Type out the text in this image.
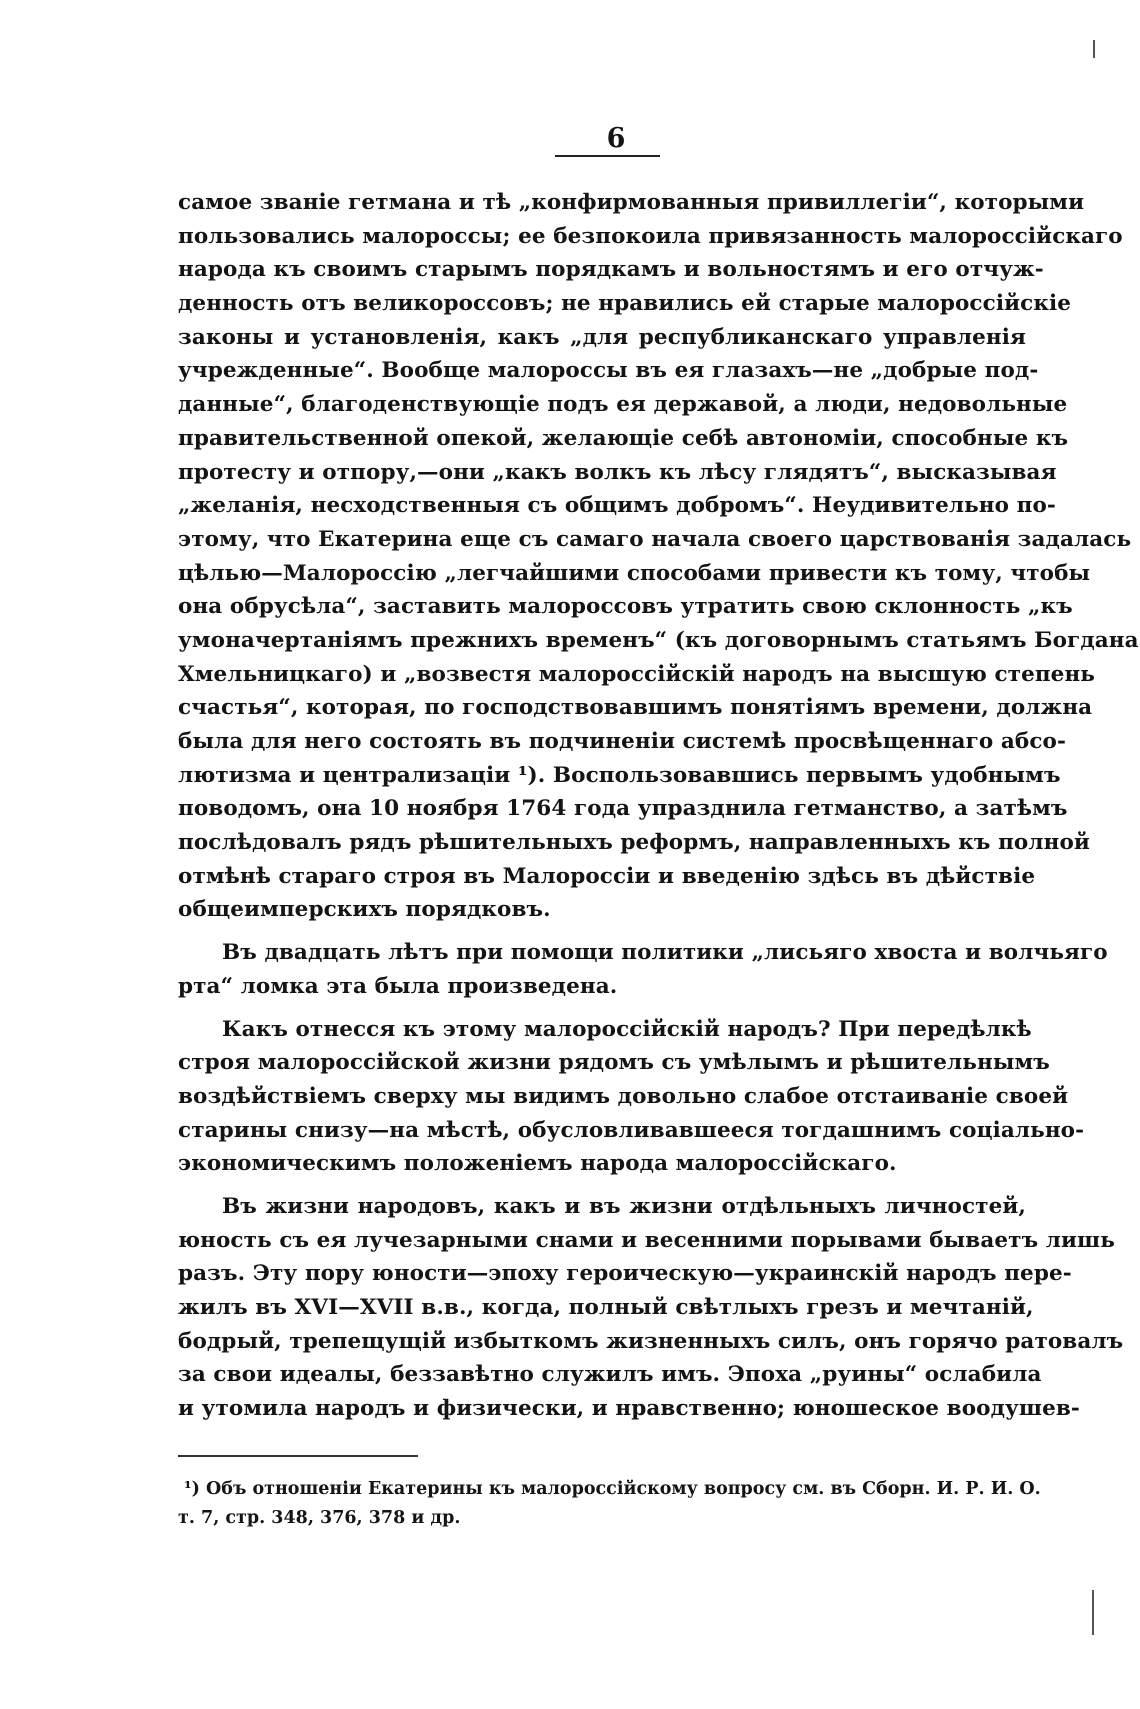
6
самое званіе гетмана и тѣ „конфирмованныя привиллегіи“, которыми
пользовались малороссы; ее безпокоила привязанность малороссійскаго
народа къ своимъ старымъ порядкамъ и вольностямъ и его отчуж-
денность отъ великороссовъ; не нравились ей старые малороссійскіе
законы и установленія, какъ „для республиканскаго управленія
учрежденные“. Вообще малороссы въ ея глазахъ—не „добрые под-
данные“, благоденствующіе подъ ея державой, а люди, недовольные
правительственной опекой, желающіе себѣ автономіи, способные къ
протесту и отпору,—они „какъ волкъ къ лѣсу глядятъ“, высказывая
„желанія, несходственныя съ общимъ добромъ“. Неудивительно по-
этому, что Екатерина еще съ самаго начала своего царствованія задалась
цѣлью—Малороссію „легчайшими способами привести къ тому, чтобы
она обрусѣла“, заставить малороссовъ утратить свою склонность „къ
умоначертаніямъ прежнихъ временъ“ (къ договорнымъ статьямъ Богдана
Хмельницкаго) и „возвестя малороссійскій народъ на высшую степень
счастья“, которая, по господствовавшимъ понятіямъ времени, должна
была для него состоять въ подчиненіи системѣ просвѣщеннаго абсо-
лютизма и централизаціи ¹). Воспользовавшись первымъ удобнымъ
поводомъ, она 10 ноября 1764 года упразднила гетманство, а затѣмъ
послѣдовалъ рядъ рѣшительныхъ реформъ, направленныхъ къ полной
отмѣнѣ стараго строя въ Малороссіи и введенію здѣсь въ дѣйствіе
общеимперскихъ порядковъ.
Въ двадцать лѣтъ при помощи политики „лисьяго хвоста и волчьяго
рта“ ломка эта была произведена.
Какъ отнесся къ этому малороссійскій народъ? При передѣлкѣ
строя малороссійской жизни рядомъ съ умѣлымъ и рѣшительнымъ
воздѣйствіемъ сверху мы видимъ довольно слабое отстаиваніе своей
старины снизу—на мѣстѣ, обусловливавшееся тогдашнимъ соціально-
экономическимъ положеніемъ народа малороссійскаго.
Въ жизни народовъ, какъ и въ жизни отдѣльныхъ личностей,
юность съ ея лучезарными снами и весенними порывами бываетъ лишь
разъ. Эту пору юности—эпоху героическую—украинскій народъ пере-
жилъ въ XVI—XVII в.в., когда, полный свѣтлыхъ грезъ и мечтаній,
бодрый, трепещущій избыткомъ жизненныхъ силъ, онъ горячо ратовалъ
за свои идеалы, беззавѣтно служилъ имъ. Эпоха „руины“ ослабила
и утомила народъ и физически, и нравственно; юношеское воодушев-
¹) Объ отношеніи Екатерины къ малороссійскому вопросу см. въ Сборн. И. Р. И. О.
т. 7, стр. 348, 376, 378 и др.
